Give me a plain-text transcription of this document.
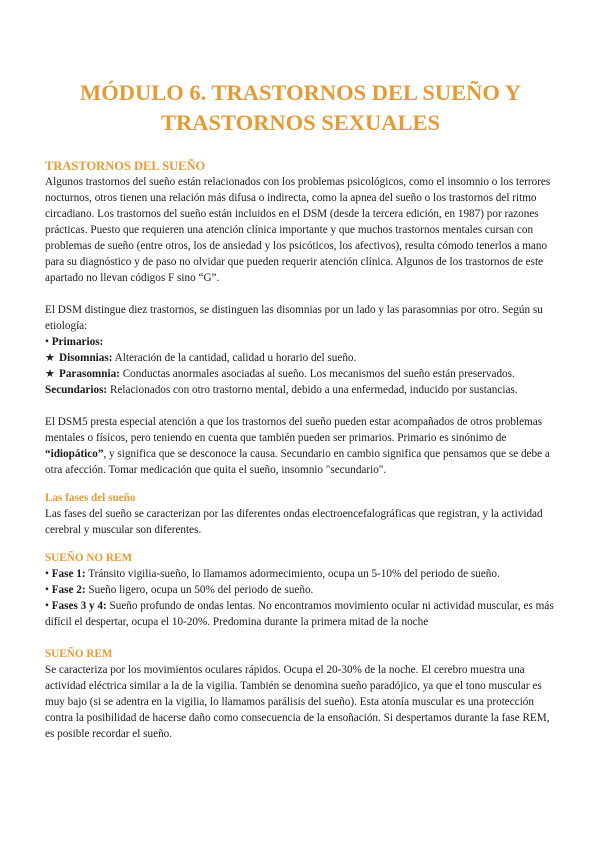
MÓDULO 6. TRASTORNOS DEL SUEÑO Y
TRASTORNOS SEXUALES
TRASTORNOS DEL SUEÑO

Algunos trastornos del sueño están relacionados con los problemas psicológicos, como el insomnio o los terrores nocturnos, otros tienen una relación más difusa o indirecta, como la apnea del sueño o los trastornos del ritmo circadiano. Los trastornos del sueño están incluidos en el DSM (desde la tercera edición, en 1987) por razones prácticas. Puesto que requieren una atención clínica importante y que muchos trastornos mentales cursan con problemas de sueño (entre otros, los de ansiedad y los psicóticos, los afectivos), resulta cómodo tenerlos a mano para su diagnóstico y de paso no olvidar que pueden requerir atención clínica. Algunos de los trastornos de este apartado no llevan códigos F sino “G”.

El DSM distingue diez trastornos, se distinguen las disomnias por un lado y las parasomnias por otro. Según su etiología:

• Primarios:

★ Disomnias: Alteración de la cantidad, calidad u horario del sueño.

★ Parasomnia: Conductas anormales asociadas al sueño. Los mecanismos del sueño están preservados.

Secundarios: Relacionados con otro trastorno mental, debido a una enfermedad, inducido por sustancias.

El DSM5 presta especial atención a que los trastornos del sueño pueden estar acompañados de otros problemas mentales o físicos, pero teniendo en cuenta que también pueden ser primarios. Primario es sinónimo de “idiopático”, y significa que se desconoce la causa. Secundario en cambio significa que pensamos que se debe a otra afección. Tomar medicación que quita el sueño, insomnio "secundario".

Las fases del sueño

Las fases del sueño se caracterizan por las diferentes ondas electroencefalográficas que registran, y la actividad cerebral y muscular son diferentes.

SUEÑO NO REM

• Fase 1: Tránsito vigilia-sueño, lo llamamos adormecimiento, ocupa un 5-10% del periodo de sueño.

• Fase 2: Sueño ligero, ocupa un 50% del periodo de sueño.

• Fases 3 y 4: Sueño profundo de ondas lentas. No encontramos movimiento ocular ni actividad muscular, es más difícil el despertar, ocupa el 10-20%. Predomina durante la primera mitad de la noche

SUEÑO REM

Se caracteriza por los movimientos oculares rápidos. Ocupa el 20-30% de la noche. El cerebro muestra una actividad eléctrica similar a la de la vigilia. También se denomina sueño paradójico, ya que el tono muscular es muy bajo (si se adentra en la vigilia, lo llamamos parálisis del sueño). Esta atonía muscular es una protección contra la posibilidad de hacerse daño como consecuencia de la ensoñación. Si despertamos durante la fase REM, es posible recordar el sueño.
